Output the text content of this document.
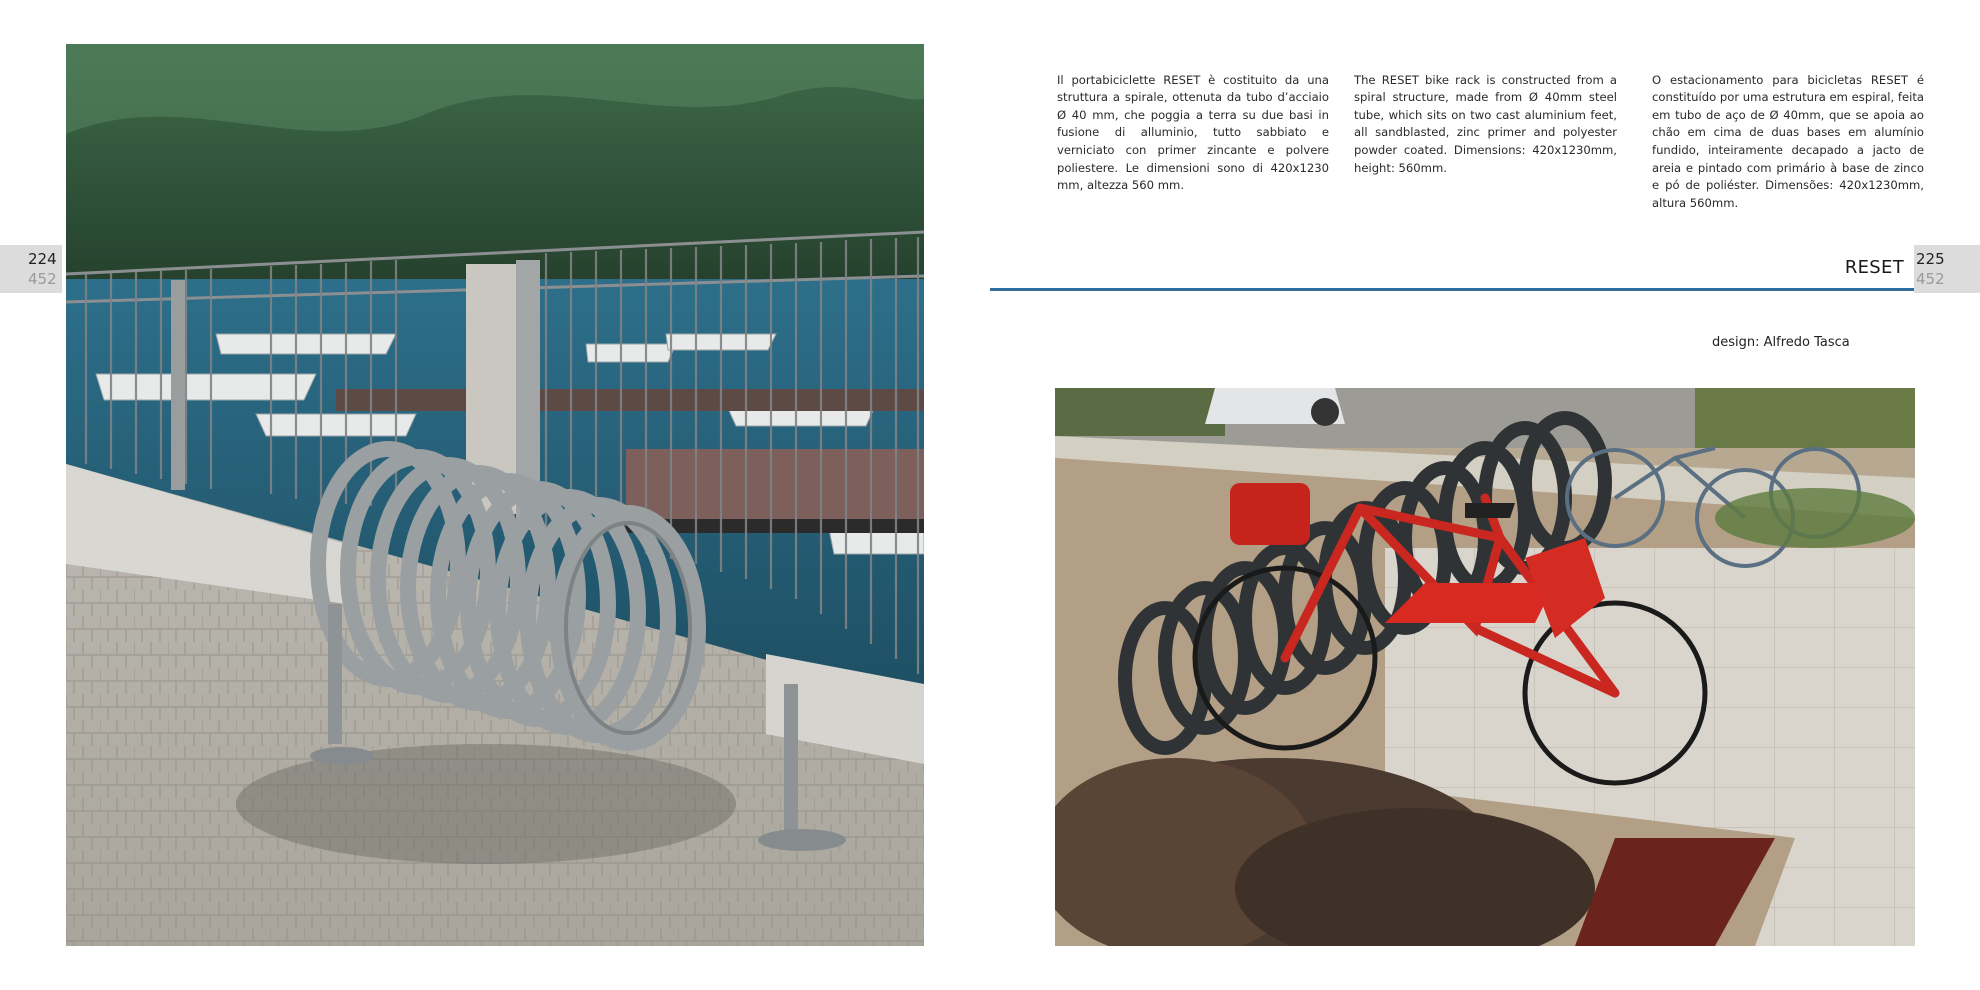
224
452

Il portabiciclette RESET è costituito da una struttura a spirale, ottenuta da tubo d’acciaio Ø 40 mm, che poggia a terra su due basi in fusione di alluminio, tutto sabbiato e verniciato con primer zincante e polvere poliestere. Le dimensioni sono di 420x1230 mm, altezza 560 mm.

The RESET bike rack is constructed from a spiral structure, made from Ø 40mm steel tube, which sits on two cast aluminium feet, all sandblasted, zinc primer and polyester powder coated. Dimensions: 420x1230mm, height: 560mm.

O estacionamento para bicicletas RESET é constituído por uma estrutura em espiral, feita em tubo de aço de Ø 40mm, que se apoia ao chão em cima de duas bases em alumínio fundido, inteiramente decapado a jacto de areia e pintado com primário à base de zinco e pó de poliéster. Dimensões: 420x1230mm, altura 560mm.

RESET 225
452
design: Alfredo Tasca
